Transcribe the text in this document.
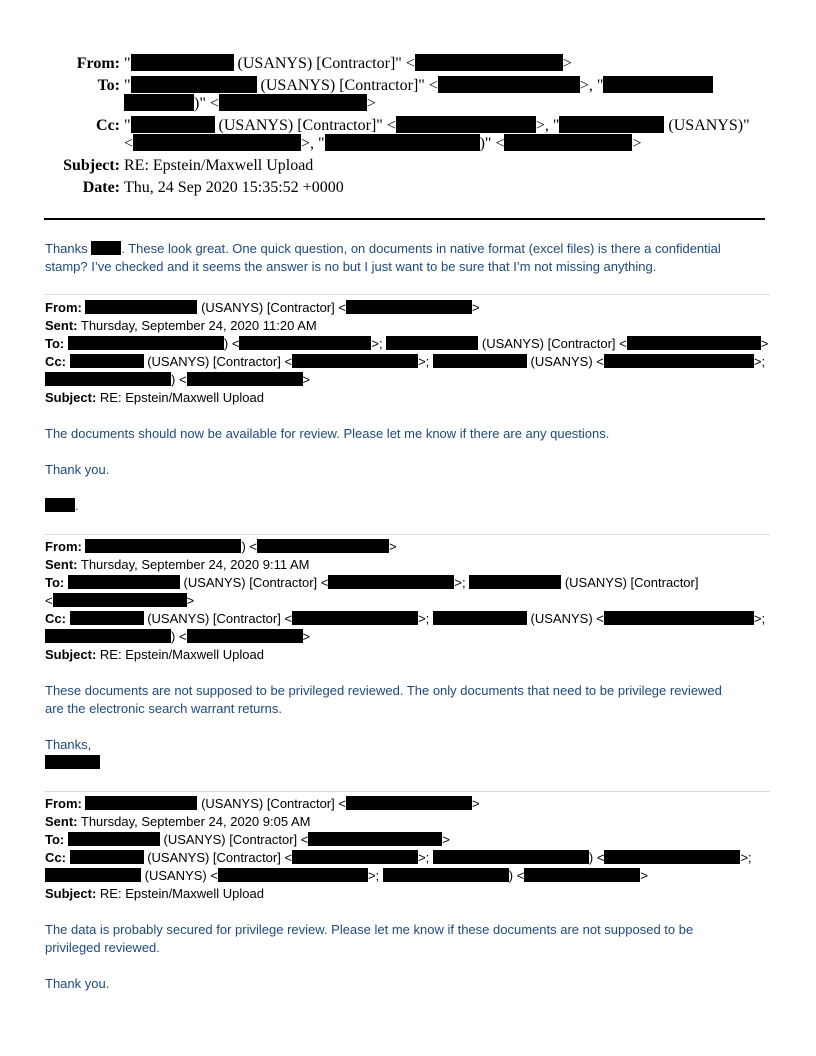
From: "	(USANYS) [Contractor]" <	>
To: "	(USANYS) [Contractor]" <	>, "
)" <	>
Cc: "	(USANYS) [Contractor]" <	>, "	(USANYS)"
<	>, "	)" <	>
Subject: RE: Epstein/Maxwell Upload
Date: Thu, 24 Sep 2020 15:35:52 +0000
Thanks . These look great. One quick question, on documents in native format (excel files) is there a confidential
stamp? I’ve checked and it seems the answer is no but I just want to be sure that I’m not missing anything.
From:	(USANYS) [Contractor] <	>
Sent: Thursday, September 24, 2020 11:20 AM
To:	) <	>;	(USANYS) [Contractor] <	>
Cc:	(USANYS) [Contractor] <	>;	(USANYS) <	>;
) <	>
Subject: RE: Epstein/Maxwell Upload
The documents should now be available for review. Please let me know if there are any questions.
Thank you.
.
From:	) <	>
Sent: Thursday, September 24, 2020 9:11 AM
To:	(USANYS) [Contractor] <	>;	(USANYS) [Contractor]
<	>
Cc:	(USANYS) [Contractor] <	>;	(USANYS) <	>;
) <	>
Subject: RE: Epstein/Maxwell Upload
These documents are not supposed to be privileged reviewed. The only documents that need to be privilege reviewed
are the electronic search warrant returns.
Thanks,
From:	(USANYS) [Contractor] <	>
Sent: Thursday, September 24, 2020 9:05 AM
To:	(USANYS) [Contractor] <	>
Cc:	(USANYS) [Contractor] <	>;	) <	>;
(USANYS) <	>;	) <	>
Subject: RE: Epstein/Maxwell Upload
The data is probably secured for privilege review. Please let me know if these documents are not supposed to be
privileged reviewed.
Thank you.
